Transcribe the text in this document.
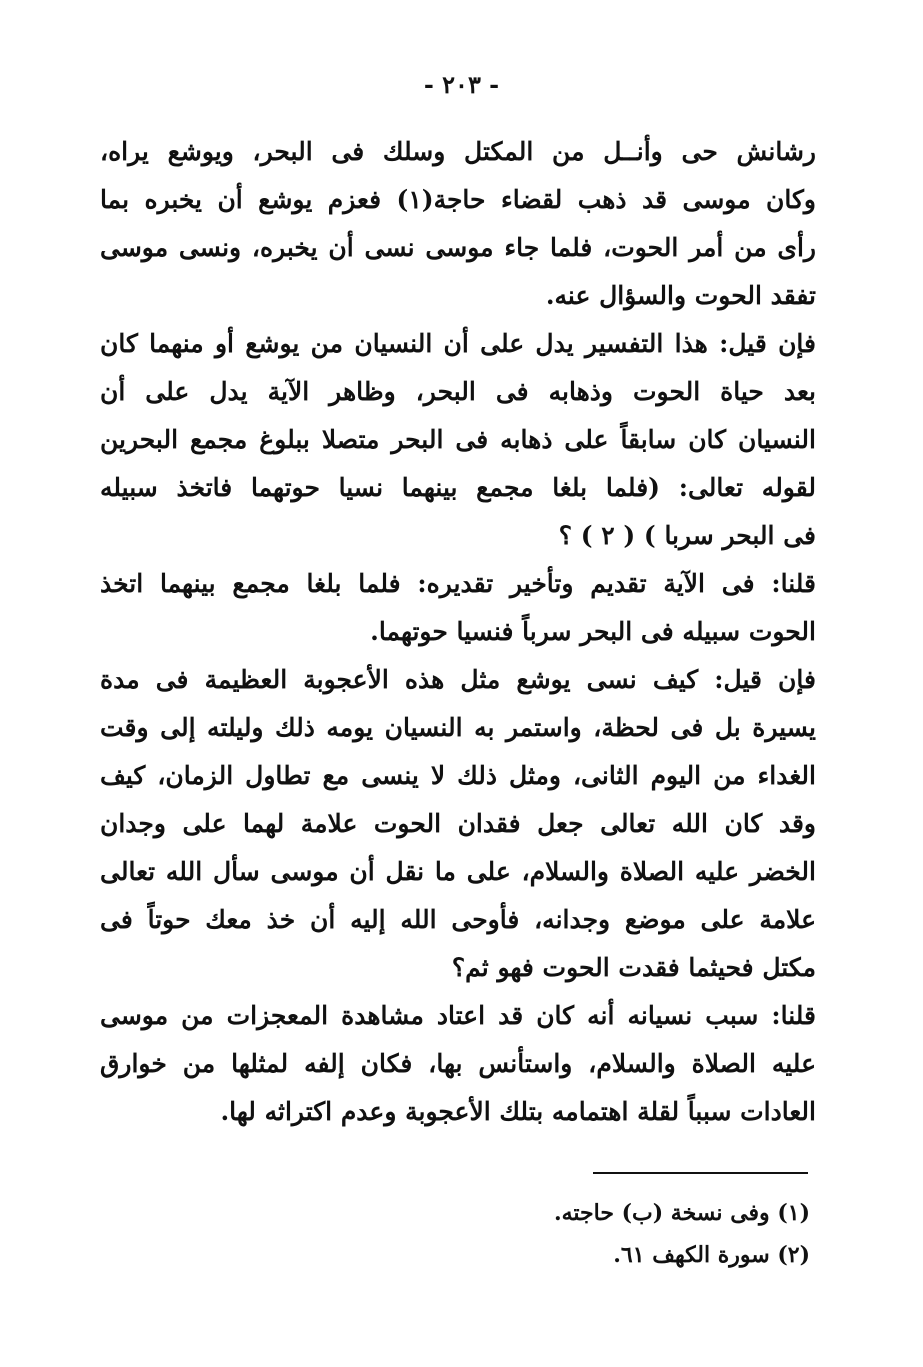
- ٢٠٣ -
رشانش حى وأنــل من المكتل وسلك فى البحر، ويوشع يراه،
وكان موسى قد ذهب لقضاء حاجة(١) فعزم يوشع أن يخبره بما
رأى من أمر الحوت، فلما جاء موسى نسى أن يخبره، ونسى موسى
تفقد الحوت والسؤال عنه.
فإن قيل: هذا التفسير يدل على أن النسيان من يوشع أو منهما كان
بعد حياة الحوت وذهابه فى البحر، وظاهر الآية يدل على أن
النسيان كان سابقاً على ذهابه فى البحر متصلا ببلوغ مجمع البحرين
لقوله تعالى: (فلما بلغا مجمع بينهما نسيا حوتهما فاتخذ سبيله
فى البحر سربا ) ( ٢ ) ؟
قلنا: فى الآية تقديم وتأخير تقديره: فلما بلغا مجمع بينهما اتخذ
الحوت سبيله فى البحر سرباً فنسيا حوتهما.
فإن قيل: كيف نسى يوشع مثل هذه الأعجوبة العظيمة فى مدة
يسيرة بل فى لحظة، واستمر به النسيان يومه ذلك وليلته إلى وقت
الغداء من اليوم الثانى، ومثل ذلك لا ينسى مع تطاول الزمان، كيف
وقد كان الله تعالى جعل فقدان الحوت علامة لهما على وجدان
الخضر عليه الصلاة والسلام، على ما نقل أن موسى سأل الله تعالى
علامة على موضع وجدانه، فأوحى الله إليه أن خذ معك حوتاً فى
مكتل فحيثما فقدت الحوت فهو ثم؟
قلنا: سبب نسيانه أنه كان قد اعتاد مشاهدة المعجزات من موسى
عليه الصلاة والسلام، واستأنس بها، فكان إلفه لمثلها من خوارق
العادات سبباً لقلة اهتمامه بتلك الأعجوبة وعدم اكتراثه لها.
(١) وفى نسخة (ب) حاجته.
(٢) سورة الكهف ٦١.
